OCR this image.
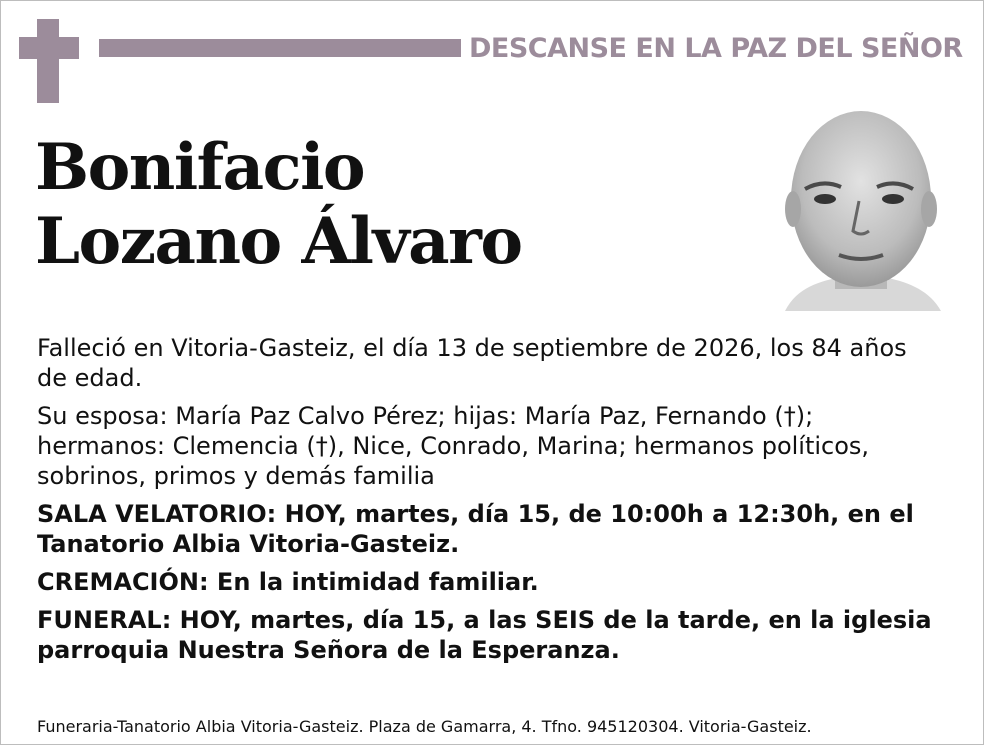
DESCANSE EN LA PAZ DEL SEÑOR
Bonifacio
Lozano Álvaro

Falleció en Vitoria-Gasteiz, el día 13 de septiembre de 2026, los 84 años de edad.

Su esposa: María Paz Calvo Pérez; hijas: María Paz, Fernando (†); hermanos: Clemencia (†), Nice, Conrado, Marina; hermanos políticos, sobrinos, primos y demás familia

SALA VELATORIO: HOY, martes, día 15, de 10:00h a 12:30h, en el Tanatorio Albia Vitoria-Gasteiz.

CREMACIÓN: En la intimidad familiar.

FUNERAL: HOY, martes, día 15, a las SEIS de la tarde, en la iglesia parroquia Nuestra Señora de la Esperanza.

Funeraria-Tanatorio Albia Vitoria-Gasteiz. Plaza de Gamarra, 4. Tfno. 945120304. Vitoria-Gasteiz.
